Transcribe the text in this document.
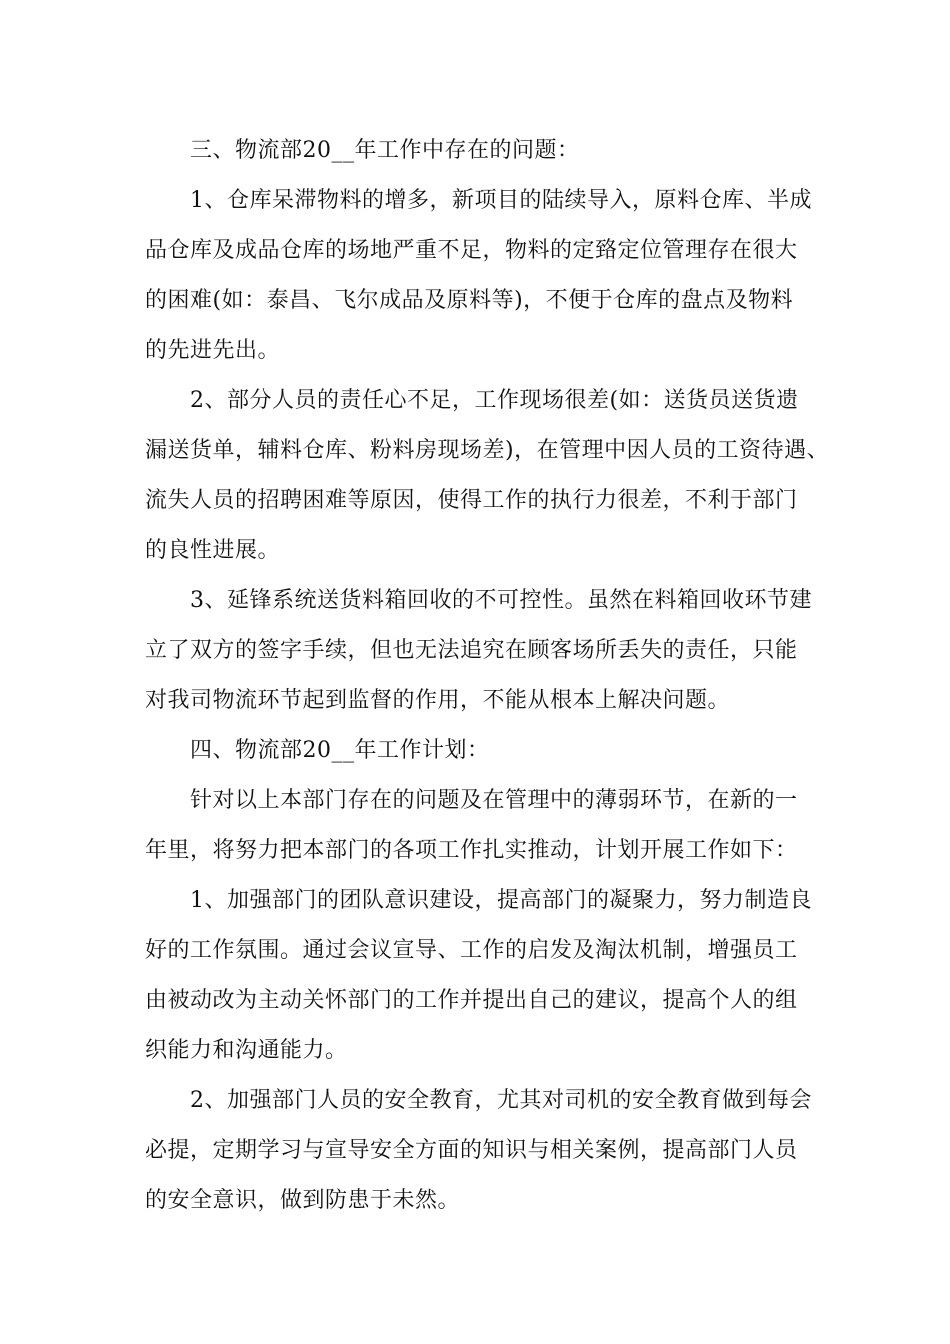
三、物流部20__年工作中存在的问题：
1、仓库呆滞物料的增多，新项目的陆续导入，原料仓库、半成
品仓库及成品仓库的场地严重不足，物料的定臵定位管理存在很大
的困难(如：泰昌、飞尔成品及原料等)，不便于仓库的盘点及物料
的先进先出。
2、部分人员的责任心不足，工作现场很差(如：送货员送货遗
漏送货单，辅料仓库、粉料房现场差)，在管理中因人员的工资待遇、
流失人员的招聘困难等原因，使得工作的执行力很差，不利于部门
的良性进展。
3、延锋系统送货料箱回收的不可控性。虽然在料箱回收环节建
立了双方的签字手续，但也无法追究在顾客场所丢失的责任，只能
对我司物流环节起到监督的作用，不能从根本上解决问题。
四、物流部20__年工作计划：
针对以上本部门存在的问题及在管理中的薄弱环节，在新的一
年里，将努力把本部门的各项工作扎实推动，计划开展工作如下：
1、加强部门的团队意识建设，提高部门的凝聚力，努力制造良
好的工作氛围。通过会议宣导、工作的启发及淘汰机制，增强员工
由被动改为主动关怀部门的工作并提出自己的建议，提高个人的组
织能力和沟通能力。
2、加强部门人员的安全教育，尤其对司机的安全教育做到每会
必提，定期学习与宣导安全方面的知识与相关案例，提高部门人员
的安全意识，做到防患于未然。
